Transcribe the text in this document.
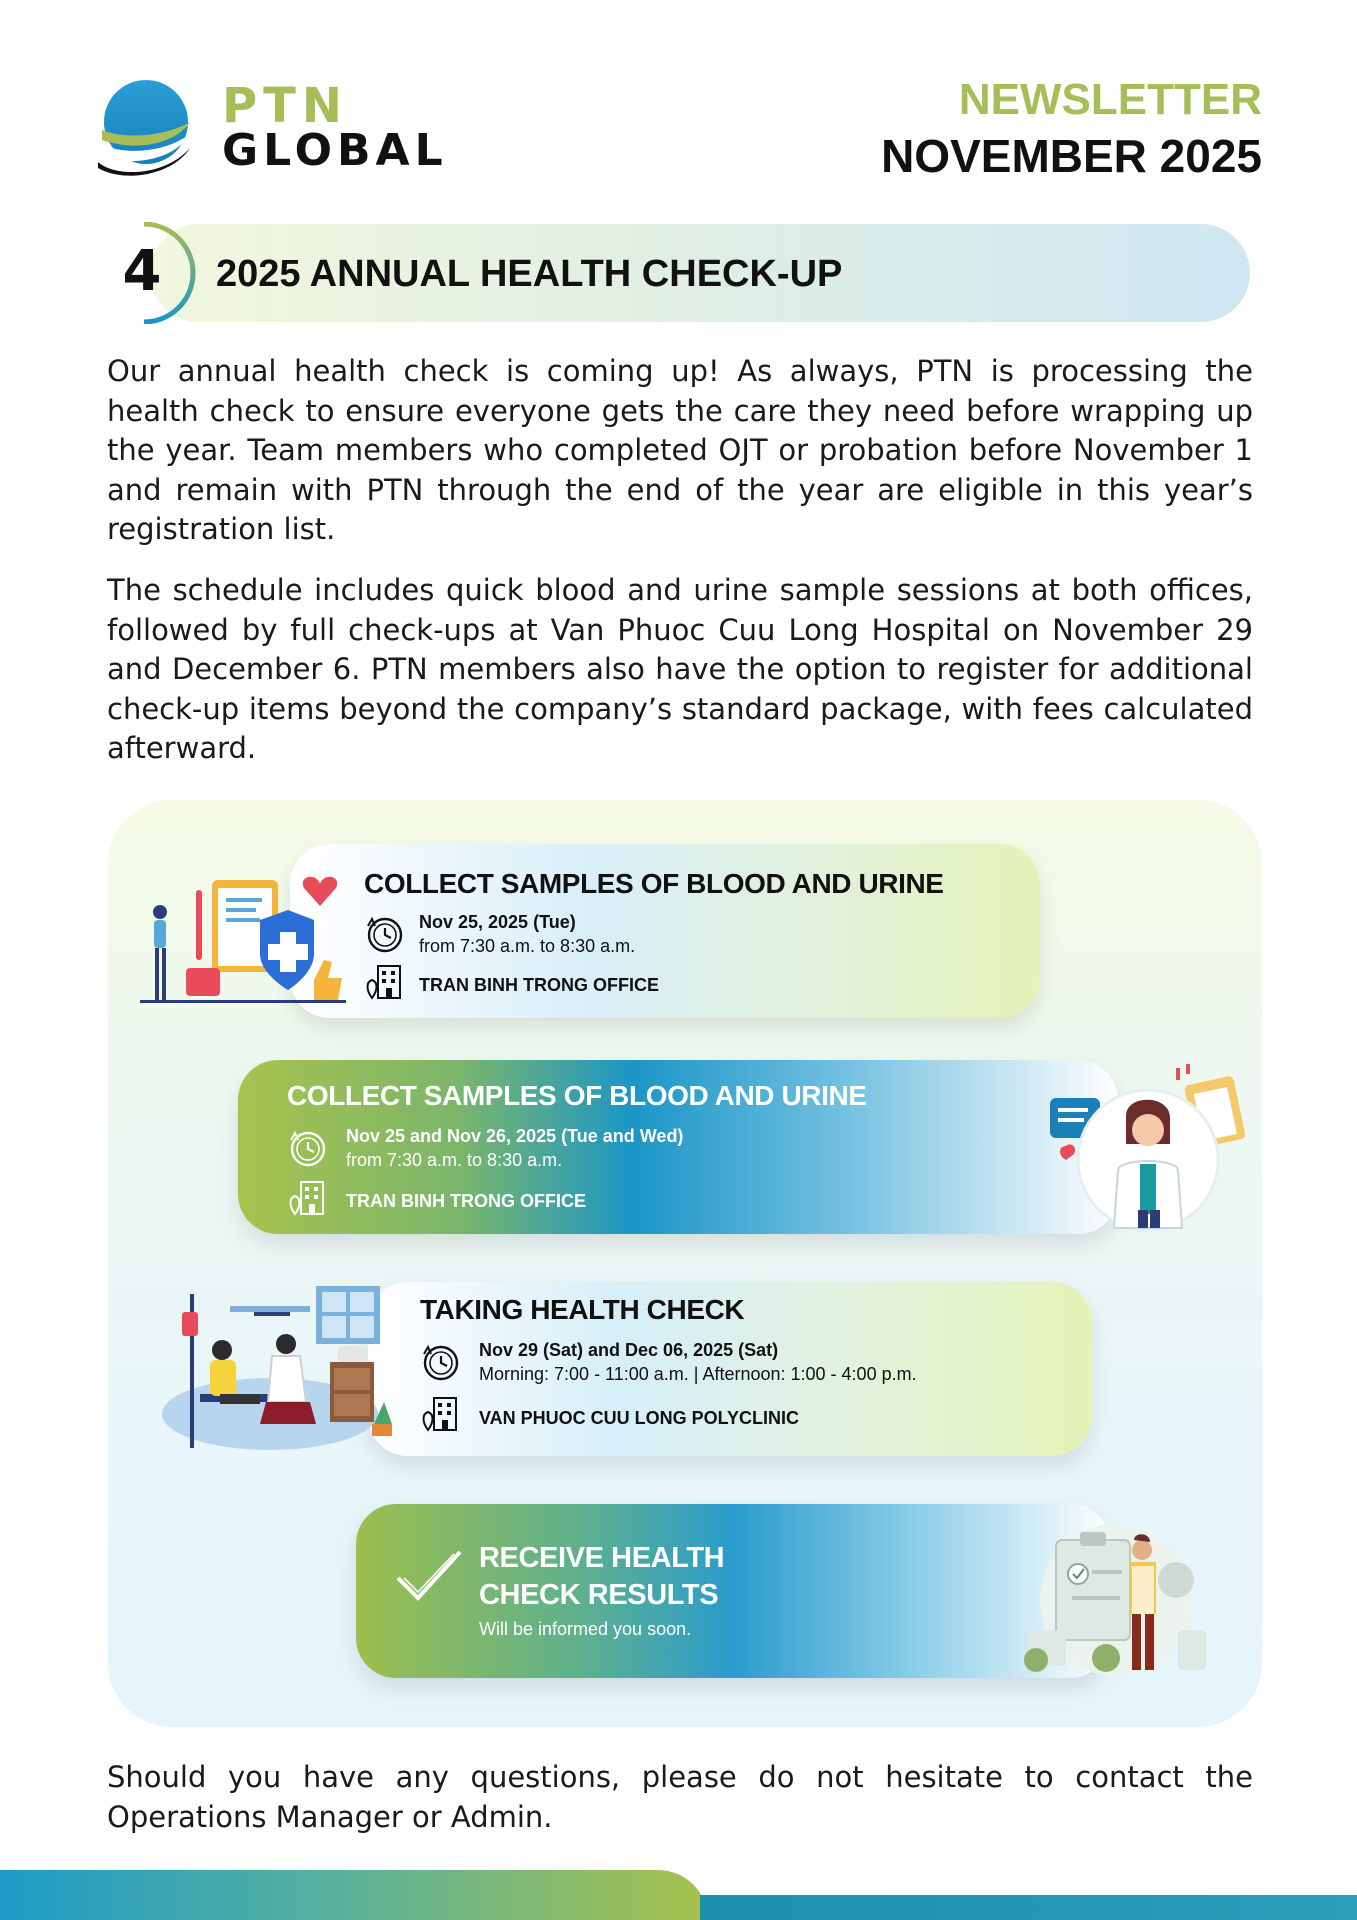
PTN
GLOBAL
NEWSLETTER
NOVEMBER 2025
4 2025 ANNUAL HEALTH CHECK-UP
Our annual health check is coming up! As always, PTN is processing the health check to ensure everyone gets the care they need before wrapping up the year. Team members who completed OJT or probation before November 1 and remain with PTN through the end of the year are eligible in this year’s registration list.
The schedule includes quick blood and urine sample sessions at both offices, followed by full check-ups at Van Phuoc Cuu Long Hospital on November 29 and December 6. PTN members also have the option to register for additional check-up items beyond the company’s standard package, with fees calculated afterward.
COLLECT SAMPLES OF BLOOD AND URINE
Nov 25, 2025 (Tue)
from 7:30 a.m. to 8:30 a.m.
TRAN BINH TRONG OFFICE
COLLECT SAMPLES OF BLOOD AND URINE
Nov 25 and Nov 26, 2025 (Tue and Wed)
from 7:30 a.m. to 8:30 a.m.
TRAN BINH TRONG OFFICE
TAKING HEALTH CHECK
Nov 29 (Sat) and Dec 06, 2025 (Sat)
Morning: 7:00 - 11:00 a.m. | Afternoon: 1:00 - 4:00 p.m.
VAN PHUOC CUU LONG POLYCLINIC
RECEIVE HEALTH
CHECK RESULTS
Will be informed you soon.
Should you have any questions, please do not hesitate to contact the Operations Manager or Admin.
